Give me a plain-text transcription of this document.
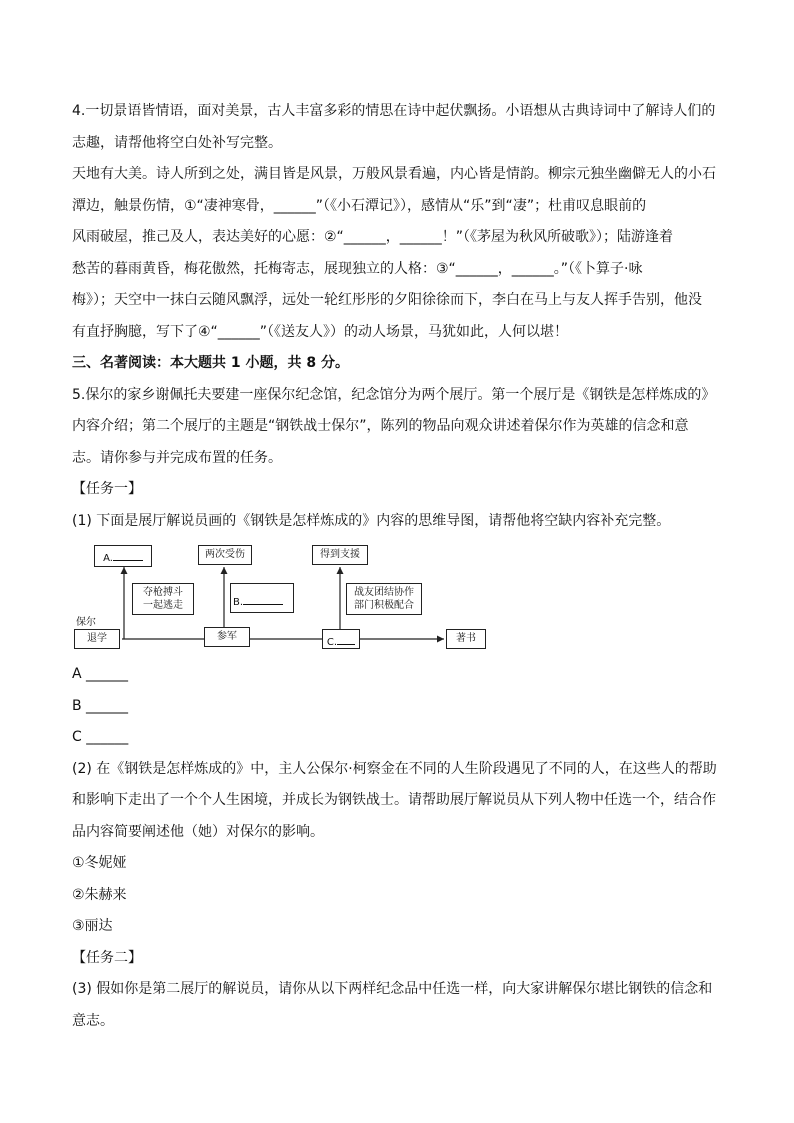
4.一切景语皆情语，面对美景，古人丰富多彩的情思在诗中起伏飘扬。小语想从古典诗词中了解诗人们的

志趣，请帮他将空白处补写完整。

天地有大美。诗人所到之处，满目皆是风景，万般风景看遍，内心皆是情韵。柳宗元独坐幽僻无人的小石

潭边，触景伤情，①“凄神寒骨，______”（《小石潭记》），感情从“乐”到“凄”；杜甫叹息眼前的

风雨破屋，推己及人，表达美好的心愿：②“______，______！”（《茅屋为秋风所破歌》）；陆游逢着

愁苦的暮雨黄昏，梅花傲然，托梅寄志，展现独立的人格：③“______，______。”（《卜算子·咏

梅》）；天空中一抹白云随风飘浮，远处一轮红彤彤的夕阳徐徐而下，李白在马上与友人挥手告别，他没

有直抒胸臆，写下了④“______”（《送友人》）的动人场景，马犹如此，人何以堪！

三、名著阅读：本大题共 1 小题，共 8 分。

5.保尔的家乡谢佩托夫要建一座保尔纪念馆，纪念馆分为两个展厅。第一个展厅是《钢铁是怎样炼成的》

内容介绍；第二个展厅的主题是“钢铁战士保尔”，陈列的物品向观众讲述着保尔作为英雄的信念和意

志。请你参与并完成布置的任务。

【任务一】

(1) 下面是展厅解说员画的《钢铁是怎样炼成的》内容的思维导图，请帮他将空缺内容补充完整。

A.	两次受伤	得到支援
夺枪搏斗
一起逃走	B.
战友团结协作
部门积极配合
保尔
退学	参军
C.	著书

A ______

B ______

C ______

(2) 在《钢铁是怎样炼成的》中，主人公保尔·柯察金在不同的人生阶段遇见了不同的人，在这些人的帮助

和影响下走出了一个个人生困境，并成长为钢铁战士。请帮助展厅解说员从下列人物中任选一个，结合作

品内容简要阐述他（她）对保尔的影响。

①冬妮娅

②朱赫来

③丽达

【任务二】

(3) 假如你是第二展厅的解说员，请你从以下两样纪念品中任选一样，向大家讲解保尔堪比钢铁的信念和

意志。
